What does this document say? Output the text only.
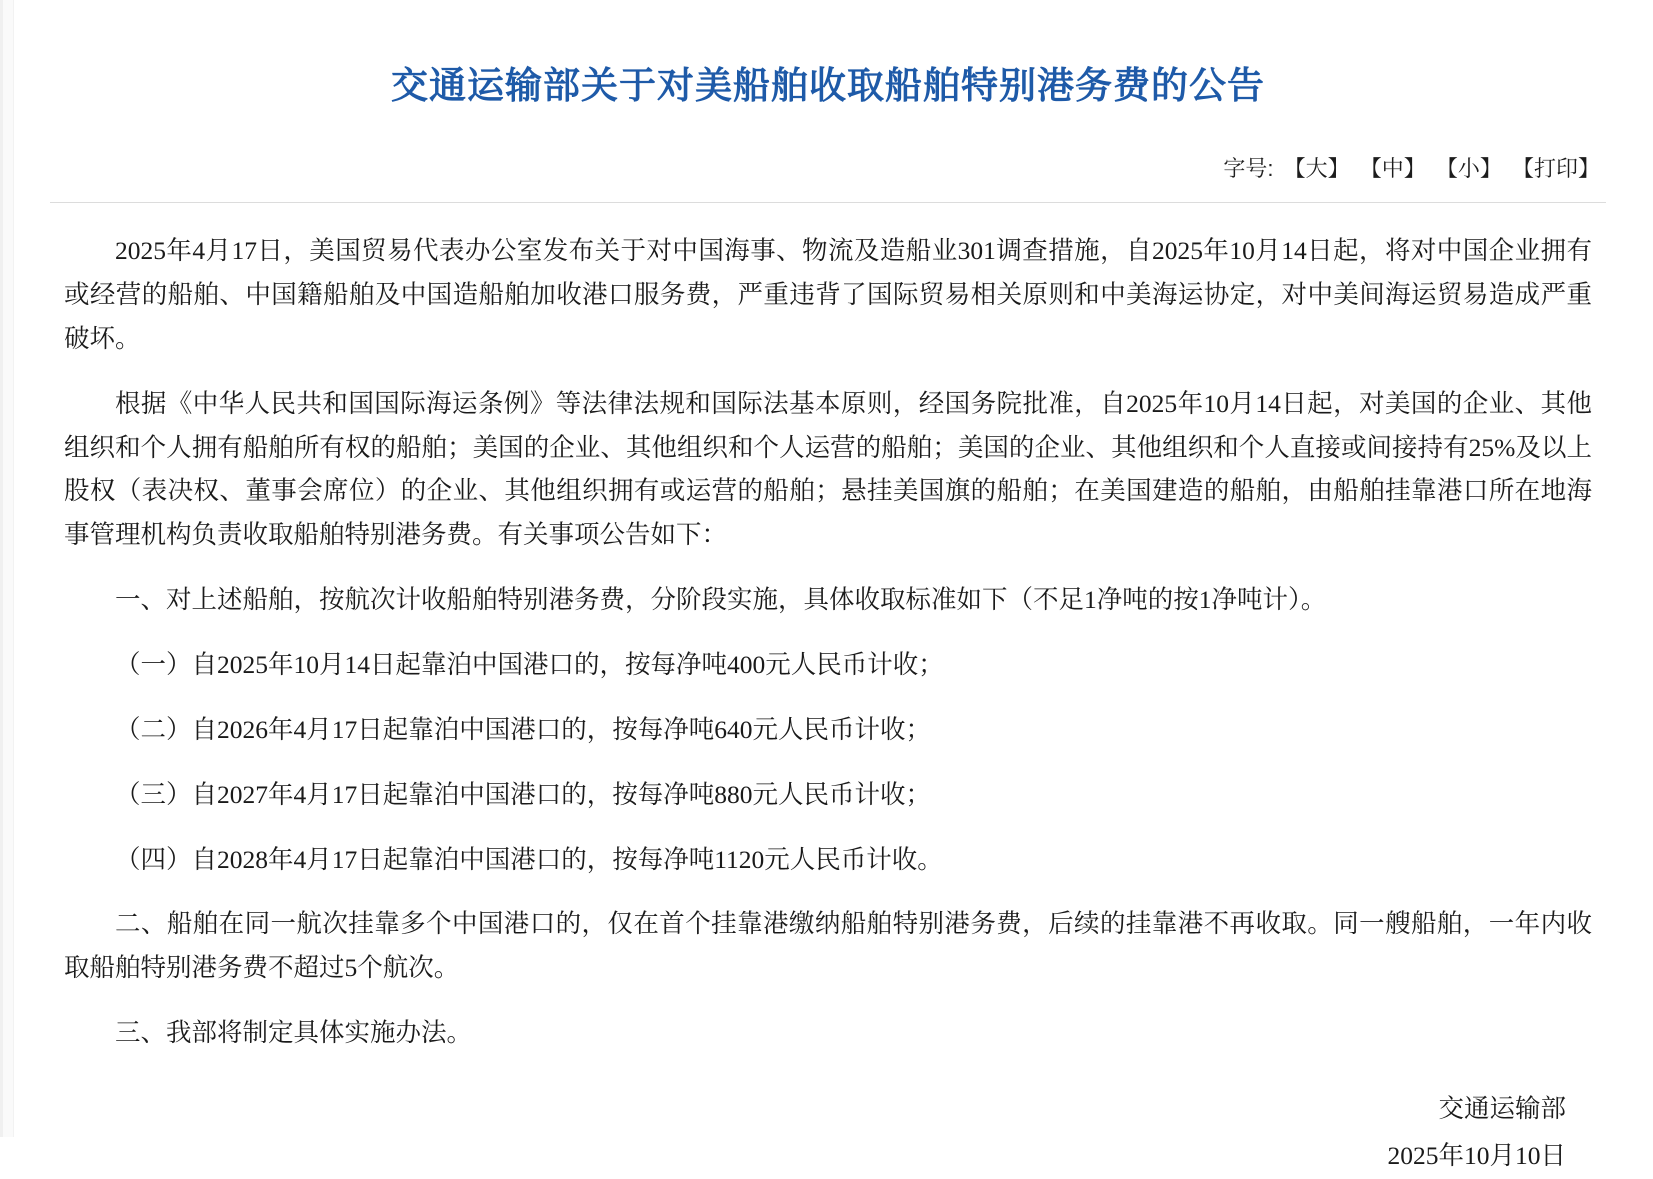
交通运输部关于对美船舶收取船舶特别港务费的公告
字号: 【大】 【中】 【小】 【打印】

2025年4月17日，美国贸易代表办公室发布关于对中国海事、物流及造船业301调查措施，自2025年10月14日起，将对中国企业拥有或经营的船舶、中国籍船舶及中国造船舶加收港口服务费，严重违背了国际贸易相关原则和中美海运协定，对中美间海运贸易造成严重破坏。

根据《中华人民共和国国际海运条例》等法律法规和国际法基本原则，经国务院批准，自2025年10月14日起，对美国的企业、其他组织和个人拥有船舶所有权的船舶；美国的企业、其他组织和个人运营的船舶；美国的企业、其他组织和个人直接或间接持有25%及以上股权（表决权、董事会席位）的企业、其他组织拥有或运营的船舶；悬挂美国旗的船舶；在美国建造的船舶，由船舶挂靠港口所在地海事管理机构负责收取船舶特别港务费。有关事项公告如下：

一、对上述船舶，按航次计收船舶特别港务费，分阶段实施，具体收取标准如下（不足1净吨的按1净吨计）。

（一）自2025年10月14日起靠泊中国港口的，按每净吨400元人民币计收；

（二）自2026年4月17日起靠泊中国港口的，按每净吨640元人民币计收；

（三）自2027年4月17日起靠泊中国港口的，按每净吨880元人民币计收；

（四）自2028年4月17日起靠泊中国港口的，按每净吨1120元人民币计收。

二、船舶在同一航次挂靠多个中国港口的，仅在首个挂靠港缴纳船舶特别港务费，后续的挂靠港不再收取。同一艘船舶，一年内收取船舶特别港务费不超过5个航次。

三、我部将制定具体实施办法。

交通运输部
2025年10月10日
